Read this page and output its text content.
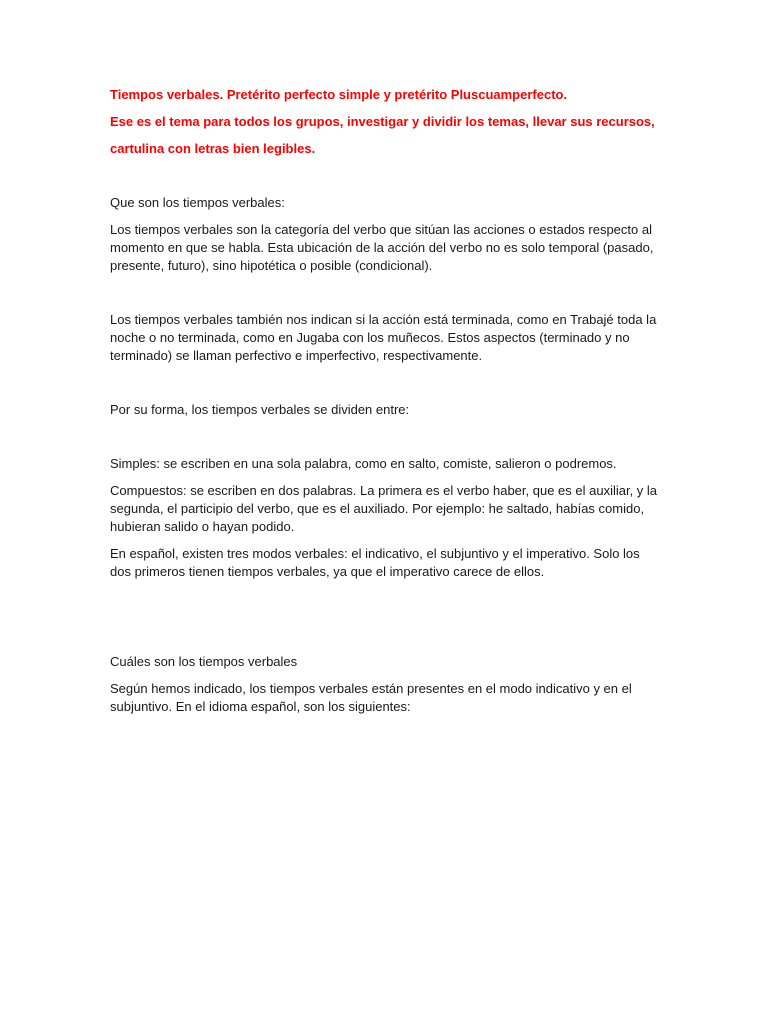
Tiempos verbales. Pretérito perfecto simple y pretérito Pluscuamperfecto.

Ese es el tema para todos los grupos, investigar y dividir los temas, llevar sus recursos,

cartulina con letras bien legibles.

Que son los tiempos verbales:

Los tiempos verbales son la categoría del verbo que sitúan las acciones o estados respecto al momento en que se habla. Esta ubicación de la acción del verbo no es solo temporal (pasado, presente, futuro), sino hipotética o posible (condicional).

Los tiempos verbales también nos indican si la acción está terminada, como en Trabajé toda la noche o no terminada, como en Jugaba con los muñecos. Estos aspectos (terminado y no terminado) se llaman perfectivo e imperfectivo, respectivamente.

Por su forma, los tiempos verbales se dividen entre:

Simples: se escriben en una sola palabra, como en salto, comiste, salieron o podremos.

Compuestos: se escriben en dos palabras. La primera es el verbo haber, que es el auxiliar, y la segunda, el participio del verbo, que es el auxiliado. Por ejemplo: he saltado, habías comido, hubieran salido o hayan podido.

En español, existen tres modos verbales: el indicativo, el subjuntivo y el imperativo. Solo los dos primeros tienen tiempos verbales, ya que el imperativo carece de ellos.

Cuáles son los tiempos verbales

Según hemos indicado, los tiempos verbales están presentes en el modo indicativo y en el subjuntivo. En el idioma español, son los siguientes:
